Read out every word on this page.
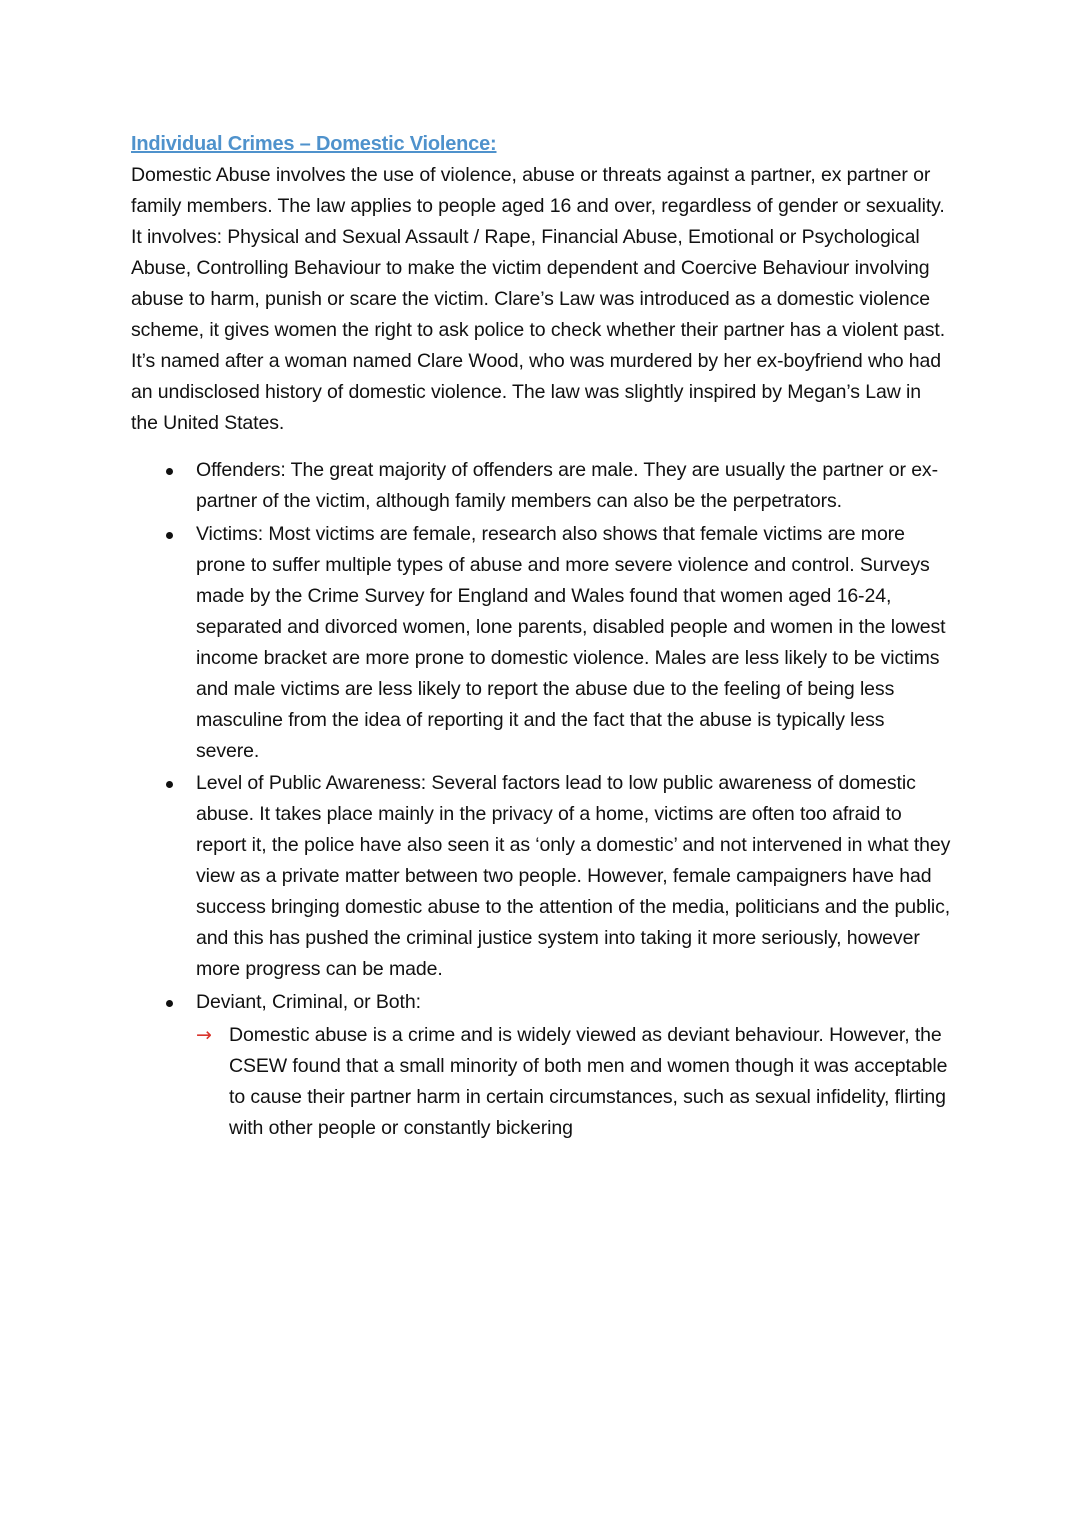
Individual Crimes – Domestic Violence:

Domestic Abuse involves the use of violence, abuse or threats against a partner, ex partner or family members. The law applies to people aged 16 and over, regardless of gender or sexuality. It involves: Physical and Sexual Assault / Rape, Financial Abuse, Emotional or Psychological Abuse, Controlling Behaviour to make the victim dependent and Coercive Behaviour involving abuse to harm, punish or scare the victim. Clare’s Law was introduced as a domestic violence scheme, it gives women the right to ask police to check whether their partner has a violent past. It’s named after a woman named Clare Wood, who was murdered by her ex-boyfriend who had an undisclosed history of domestic violence. The law was slightly inspired by Megan’s Law in the United States.

Offenders: The great majority of offenders are male. They are usually the partner or ex-partner of the victim, although family members can also be the perpetrators.
Victims: Most victims are female, research also shows that female victims are more prone to suffer multiple types of abuse and more severe violence and control. Surveys made by the Crime Survey for England and Wales found that women aged 16-24, separated and divorced women, lone parents, disabled people and women in the lowest income bracket are more prone to domestic violence. Males are less likely to be victims and male victims are less likely to report the abuse due to the feeling of being less masculine from the idea of reporting it and the fact that the abuse is typically less severe.
Level of Public Awareness: Several factors lead to low public awareness of domestic abuse. It takes place mainly in the privacy of a home, victims are often too afraid to report it, the police have also seen it as ‘only a domestic’ and not intervened in what they view as a private matter between two people. However, female campaigners have had success bringing domestic abuse to the attention of the media, politicians and the public, and this has pushed the criminal justice system into taking it more seriously, however more progress can be made.
Deviant, Criminal, or Both:
→ Domestic abuse is a crime and is widely viewed as deviant behaviour. However, the CSEW found that a small minority of both men and women though it was acceptable to cause their partner harm in certain circumstances, such as sexual infidelity, flirting with other people or constantly bickering
